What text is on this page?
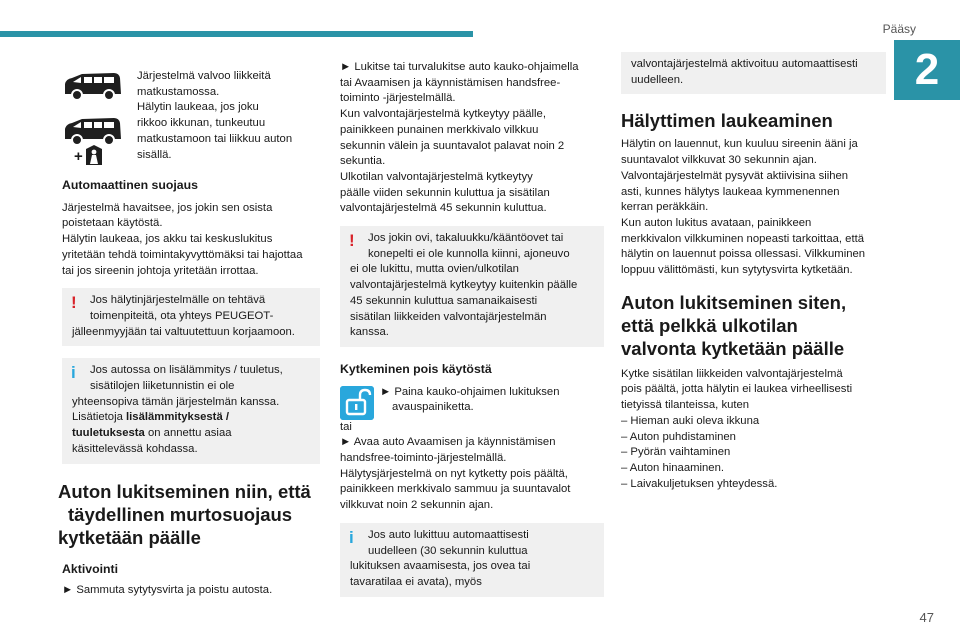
Pääsy
2
47
+

Järjestelmä valvoo liikkeitä

matkustamossa.

Hälytin laukeaa, jos joku

rikkoo ikkunan, tunkeutuu

matkustamoon tai liikkuu auton

sisällä.

Automaattinen suojaus

Järjestelmä havaitsee, jos jokin sen osista

poistetaan käytöstä.

Hälytin laukeaa, jos akku tai keskuslukitus

yritetään tehdä toimintakyvyttömäksi tai hajottaa

tai jos sireenin johtoja yritetään irrottaa.

!	Jos hälytinjärjestelmälle on tehtävä

toimenpiteitä, ota yhteys PEUGEOT-

jälleenmyyjään tai valtuutettuun korjaamoon.

i	Jos autossa on lisälämmitys / tuuletus,

sisätilojen liiketunnistin ei ole

yhteensopiva tämän järjestelmän kanssa.

Lisätietoja lisälämmityksestä /

tuuletuksesta on annettu asiaa

käsittelevässä kohdassa.

Auton lukitseminen niin, että

täydellinen murtosuojaus

kytketään päälle

Aktivointi

► Sammuta sytytysvirta ja poistu autosta.

► Lukitse tai turvalukitse auto kauko-ohjaimella

tai Avaamisen ja käynnistämisen handsfree-

toiminto -järjestelmällä.

Kun valvontajärjestelmä kytkeytyy päälle,

painikkeen punainen merkkivalo vilkkuu

sekunnin välein ja suuntavalot palavat noin 2

sekuntia.

Ulkotilan valvontajärjestelmä kytkeytyy

päälle viiden sekunnin kuluttua ja sisätilan

valvontajärjestelmä 45 sekunnin kuluttua.

!	Jos jokin ovi, takaluukku/kääntöovet tai

konepelti ei ole kunnolla kiinni, ajoneuvo

ei ole lukittu, mutta ovien/ulkotilan

valvontajärjestelmä kytkeytyy kuitenkin päälle

45 sekunnin kuluttua samanaikaisesti

sisätilan liikkeiden valvontajärjestelmän

kanssa.

Kytkeminen pois käytöstä

► Paina kauko-ohjaimen lukituksen

avauspainiketta.

tai

► Avaa auto Avaamisen ja käynnistämisen

handsfree-toiminto-järjestelmällä.

Hälytysjärjestelmä on nyt kytketty pois päältä,

painikkeen merkkivalo sammuu ja suuntavalot

vilkkuvat noin 2 sekunnin ajan.

i	Jos auto lukittuu automaattisesti

uudelleen (30 sekunnin kuluttua

lukituksen avaamisesta, jos ovea tai

tavaratilaa ei avata), myös

valvontajärjestelmä aktivoituu automaattisesti

uudelleen.

Hälyttimen laukeaminen

Hälytin on lauennut, kun kuuluu sireenin ääni ja

suuntavalot vilkkuvat 30 sekunnin ajan.

Valvontajärjestelmät pysyvät aktiivisina siihen

asti, kunnes hälytys laukeaa kymmenennen

kerran peräkkäin.

Kun auton lukitus avataan, painikkeen

merkkivalon vilkkuminen nopeasti tarkoittaa, että

hälytin on lauennut poissa ollessasi. Vilkkuminen

loppuu välittömästi, kun sytytysvirta kytketään.

Auton lukitseminen siten,

että pelkkä ulkotilan

valvonta kytketään päälle

Kytke sisätilan liikkeiden valvontajärjestelmä

pois päältä, jotta hälytin ei laukea virheellisesti

tietyissä tilanteissa, kuten

– Hieman auki oleva ikkuna

– Auton puhdistaminen

– Pyörän vaihtaminen

– Auton hinaaminen.

– Laivakuljetuksen yhteydessä.
